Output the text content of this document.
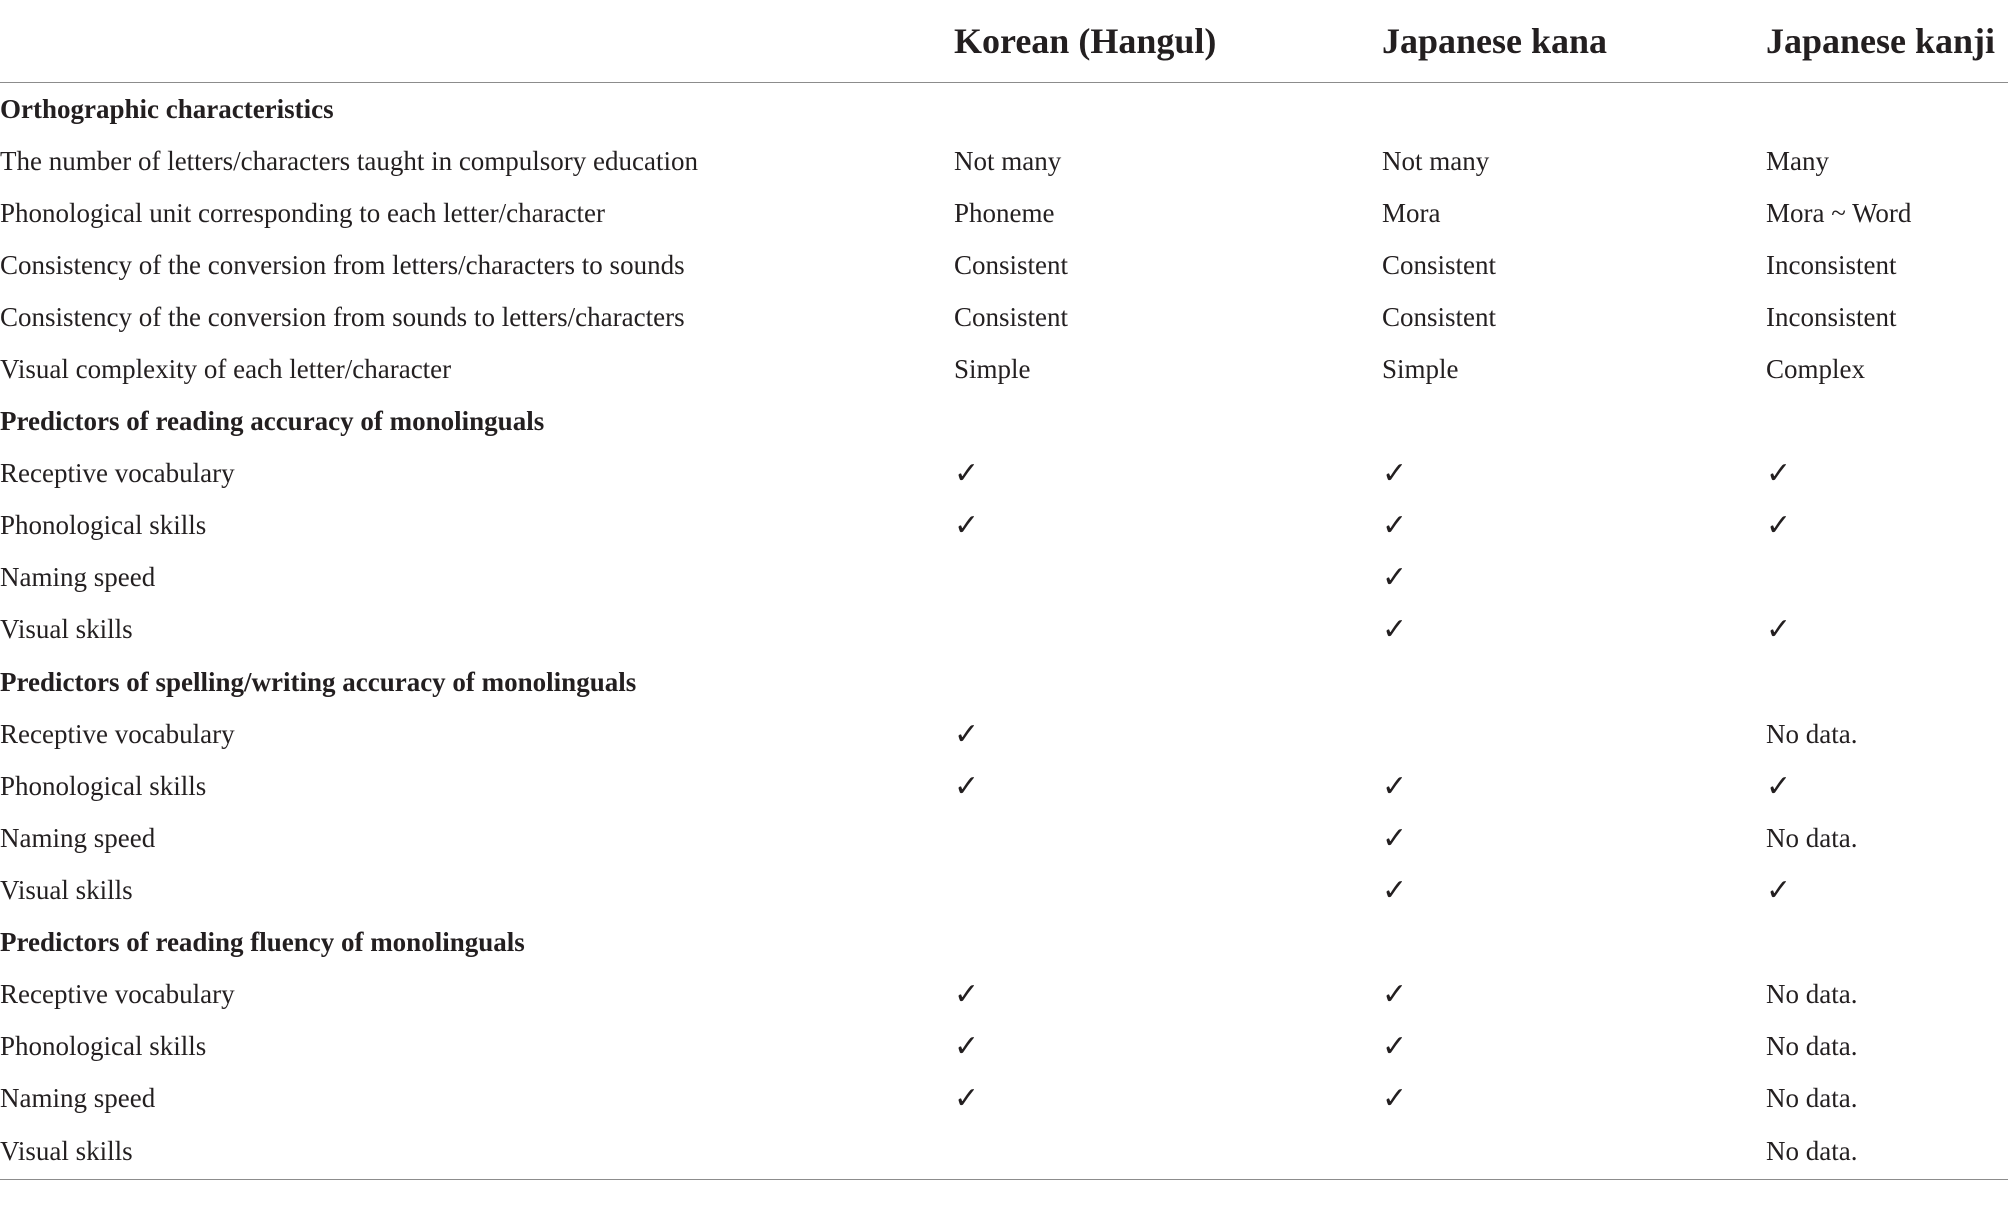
	Korean (Hangul)	Japanese kana	Japanese kanji
Orthographic characteristics			
The number of letters/characters taught in compulsory education	Not many	Not many	Many
Phonological unit corresponding to each letter/character	Phoneme	Mora	Mora ~ Word
Consistency of the conversion from letters/characters to sounds	Consistent	Consistent	Inconsistent
Consistency of the conversion from sounds to letters/characters	Consistent	Consistent	Inconsistent
Visual complexity of each letter/character	Simple	Simple	Complex
Predictors of reading accuracy of monolinguals			
Receptive vocabulary	✓	✓	✓
Phonological skills	✓	✓	✓
Naming speed		✓	
Visual skills		✓	✓
Predictors of spelling/writing accuracy of monolinguals			
Receptive vocabulary	✓		No data.
Phonological skills	✓	✓	✓
Naming speed		✓	No data.
Visual skills		✓	✓
Predictors of reading fluency of monolinguals			
Receptive vocabulary	✓	✓	No data.
Phonological skills	✓	✓	No data.
Naming speed	✓	✓	No data.
Visual skills			No data.
